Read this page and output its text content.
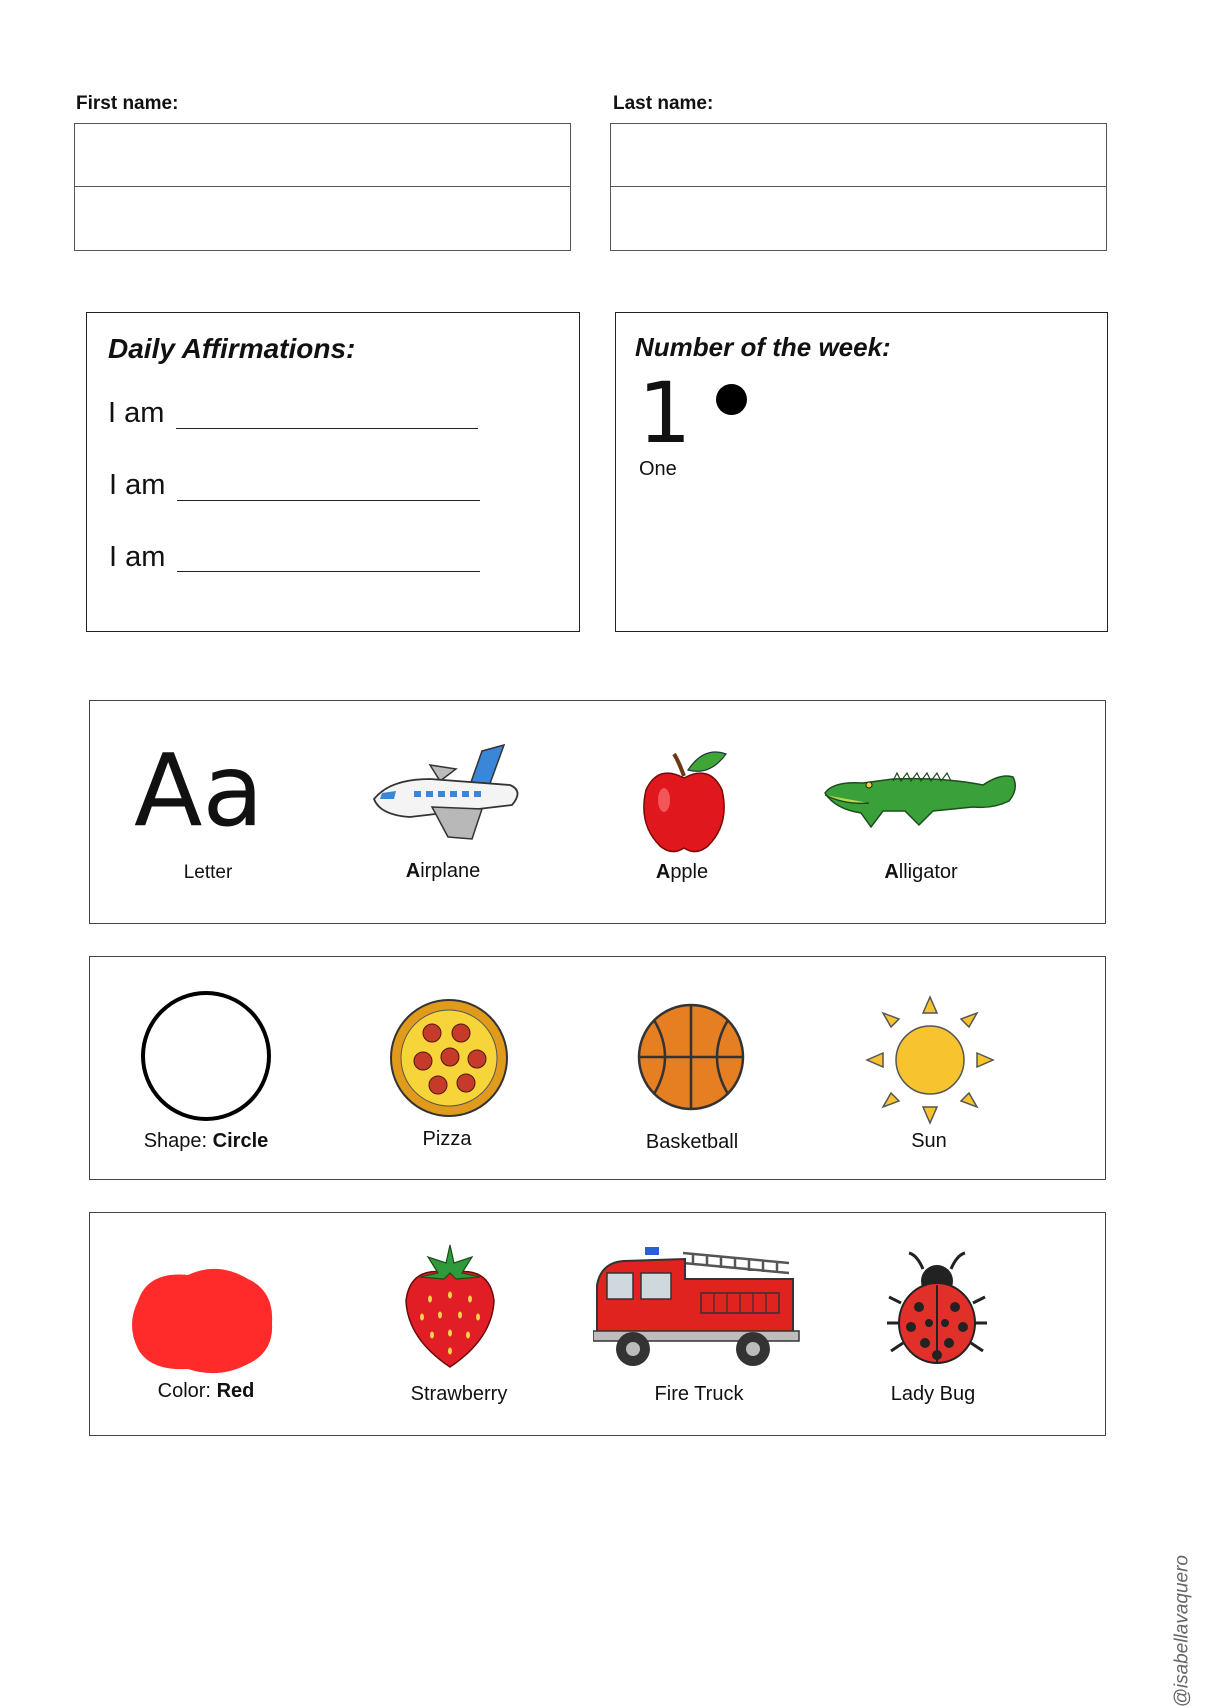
First name:	Last name:
Daily Affirmations:
I am
I am
I am
Number of the week:
1
One
Aa
Letter	Airplane	Apple	Alligator
Shape: Circle	Pizza	Basketball	Sun
Color: Red	Strawberry	Fire Truck	Lady Bug
@isabellavaquero
